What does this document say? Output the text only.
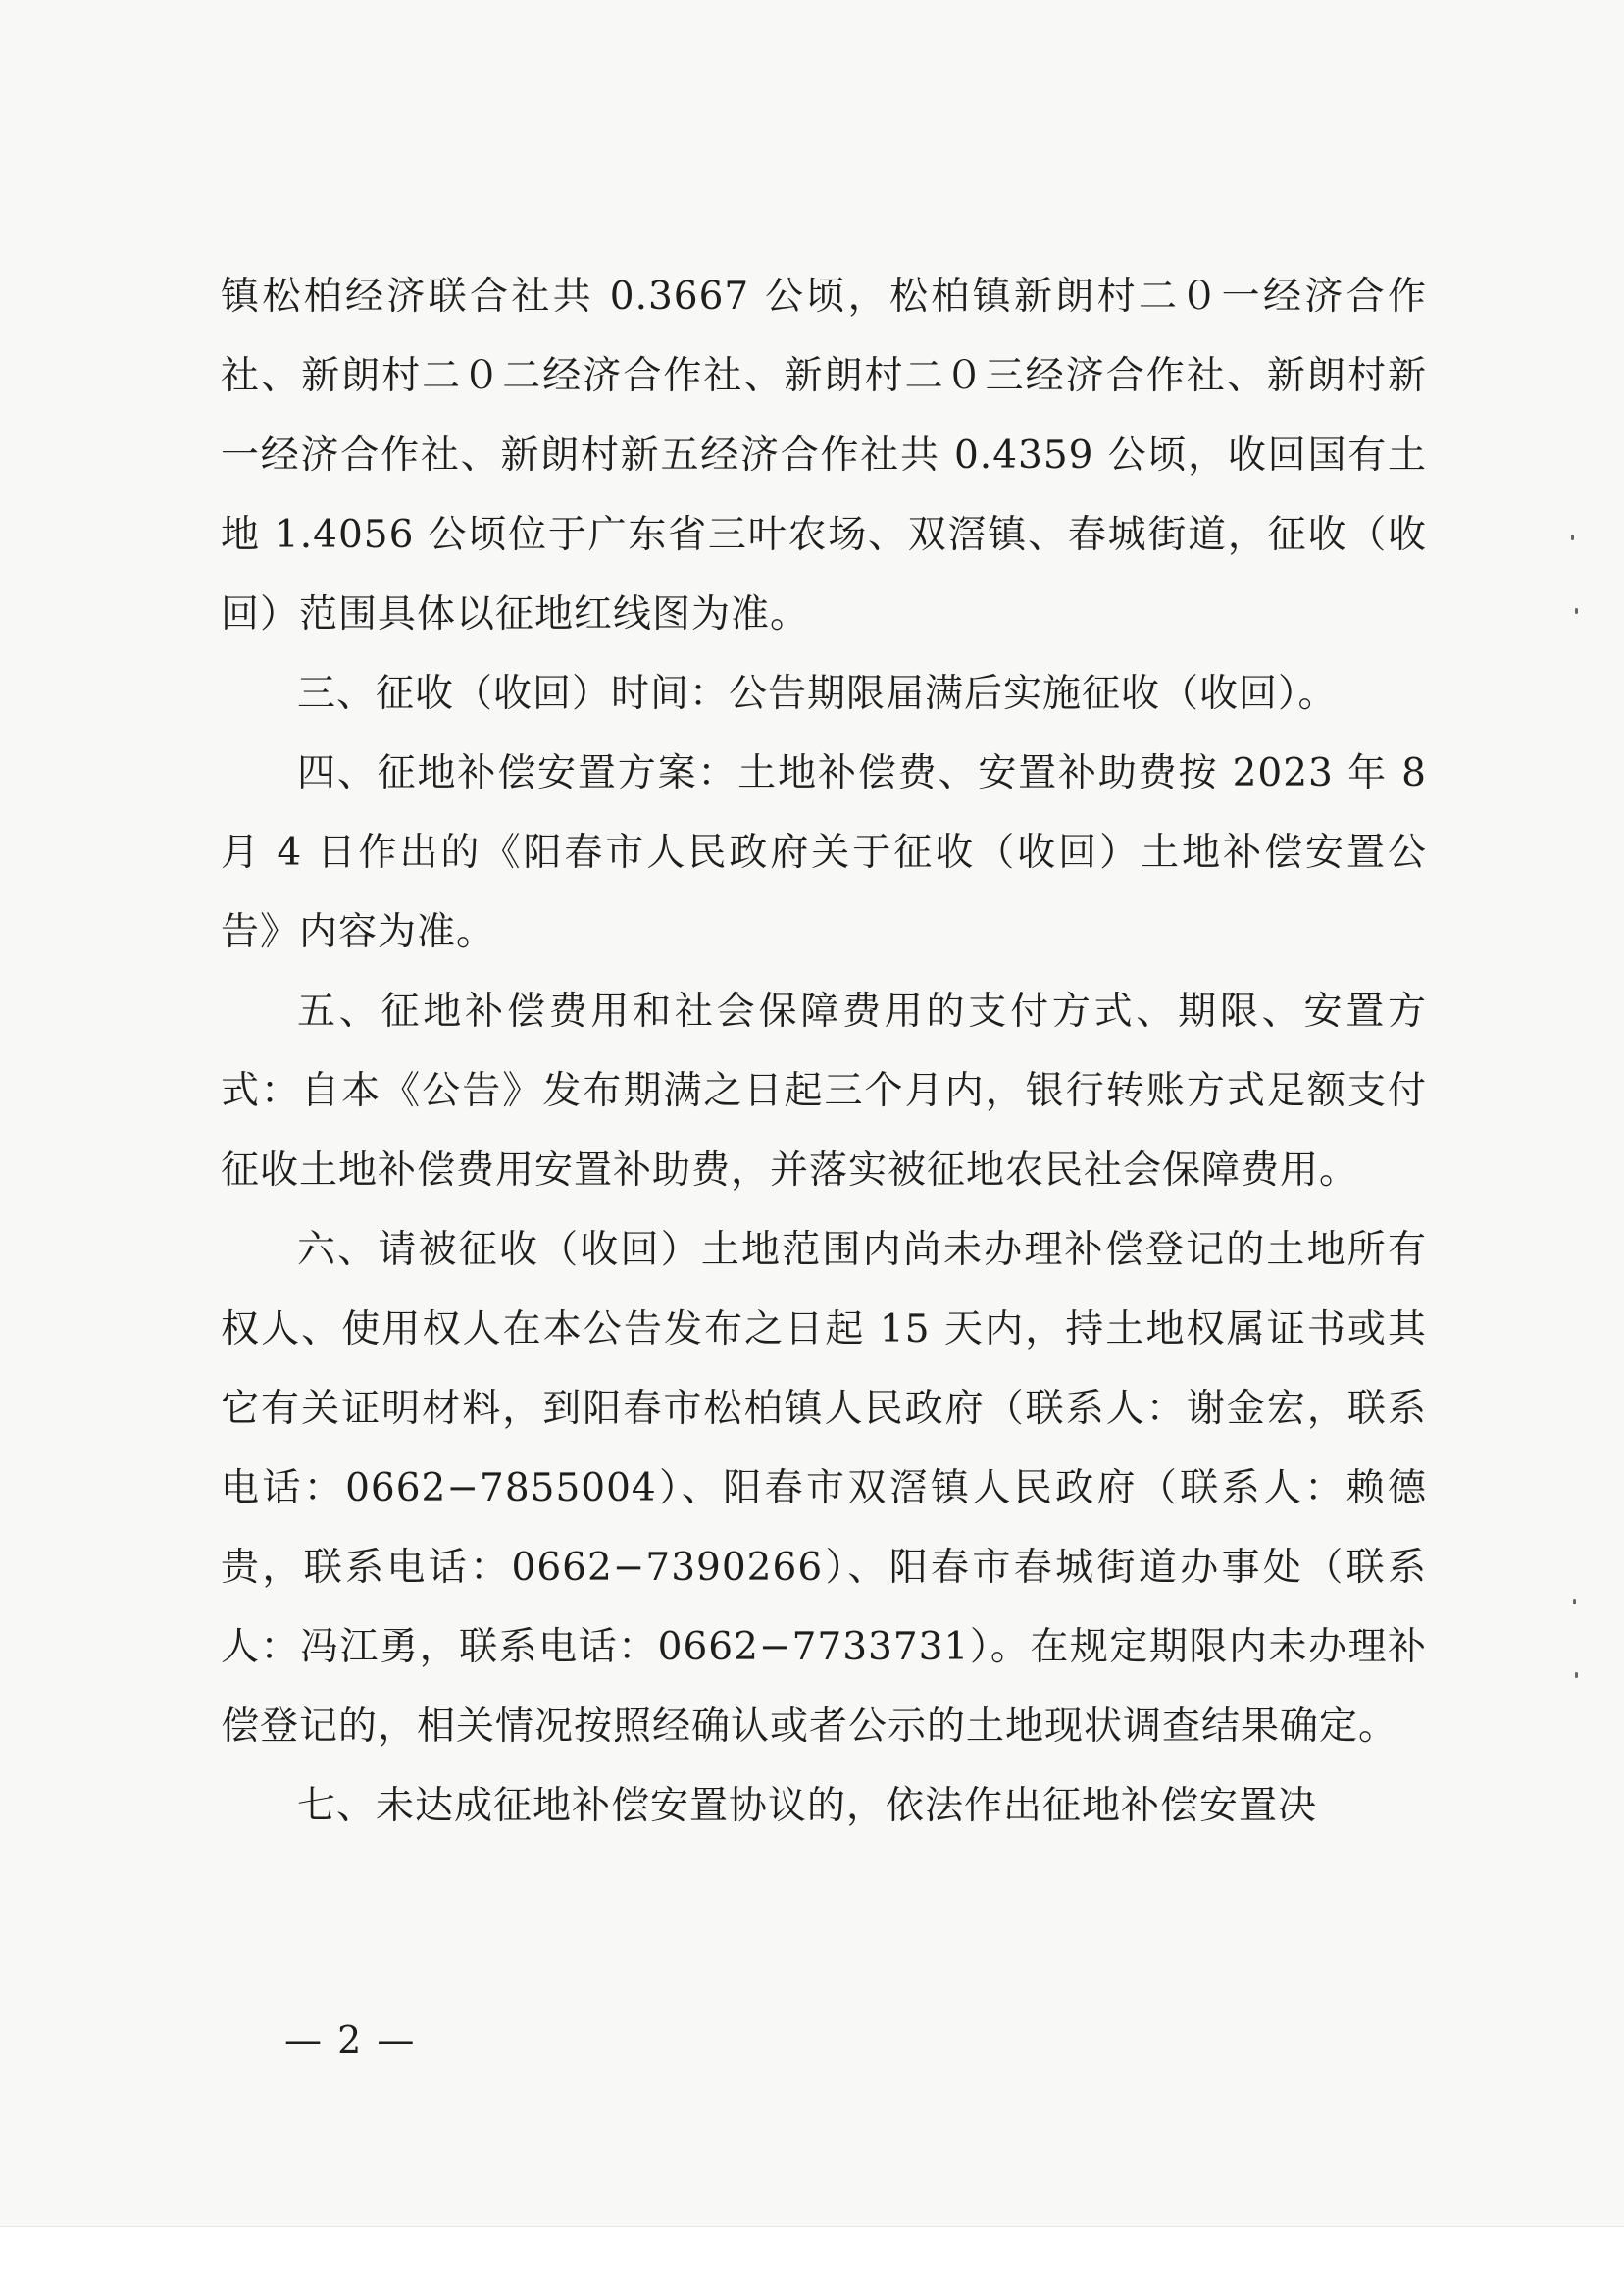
镇松柏经济联合社共 0.3667 公顷，松柏镇新朗村二０一经济合作社、新朗村二０二经济合作社、新朗村二０三经济合作社、新朗村新一经济合作社、新朗村新五经济合作社共 0.4359 公顷，收回国有土地 1.4056 公顷位于广东省三叶农场、双滘镇、春城街道，征收（收回）范围具体以征地红线图为准。

三、征收（收回）时间：公告期限届满后实施征收（收回）。

四、征地补偿安置方案：土地补偿费、安置补助费按 2023 年 8 月 4 日作出的《阳春市人民政府关于征收（收回）土地补偿安置公告》内容为准。

五、征地补偿费用和社会保障费用的支付方式、期限、安置方式：自本《公告》发布期满之日起三个月内，银行转账方式足额支付征收土地补偿费用安置补助费，并落实被征地农民社会保障费用。

六、请被征收（收回）土地范围内尚未办理补偿登记的土地所有权人、使用权人在本公告发布之日起 15 天内，持土地权属证书或其它有关证明材料，到阳春市松柏镇人民政府（联系人：谢金宏，联系电话：0662−7855004）、阳春市双滘镇人民政府（联系人：赖德贵，联系电话：0662−7390266）、阳春市春城街道办事处（联系人：冯江勇，联系电话：0662−7733731）。在规定期限内未办理补偿登记的，相关情况按照经确认或者公示的土地现状调查结果确定。

七、未达成征地补偿安置协议的，依法作出征地补偿安置决

— 2 —
